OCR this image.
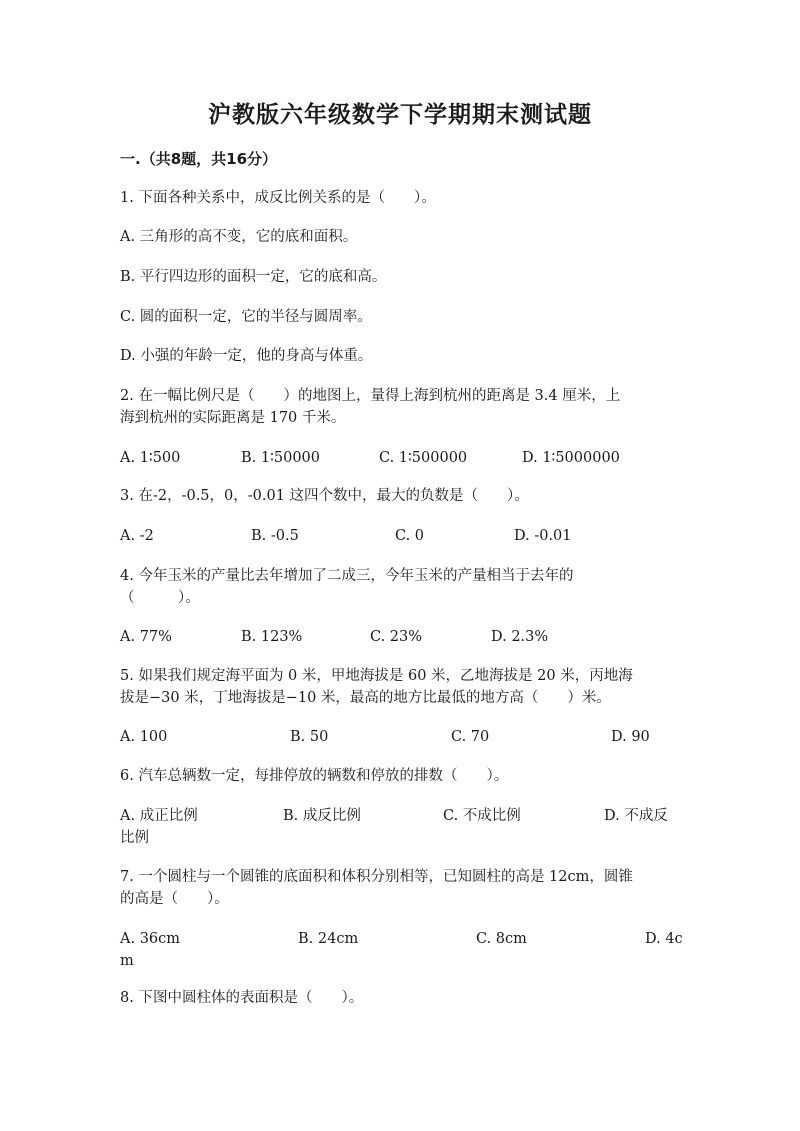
沪教版六年级数学下学期期末测试题
一.（共8题，共16分）
1. 下面各种关系中，成反比例关系的是（　　）。
A. 三角形的高不变，它的底和面积。
B. 平行四边形的面积一定，它的底和高。
C. 圆的面积一定，它的半径与圆周率。
D. 小强的年龄一定，他的身高与体重。
2. 在一幅比例尺是（　　）的地图上，量得上海到杭州的距离是 3.4 厘米，上
海到杭州的实际距离是 170 千米。
A. 1∶500	B. 1∶50000	C. 1∶500000	D. 1∶5000000
3. 在-2，-0.5，0，-0.01 这四个数中，最大的负数是（　　）。
A. -2	B. -0.5	C. 0	D. -0.01
4. 今年玉米的产量比去年增加了二成三，今年玉米的产量相当于去年的
（　　　）。
A. 77%	B. 123%	C. 23%	D. 2.3%
5. 如果我们规定海平面为 0 米，甲地海拔是 60 米，乙地海拔是 20 米，丙地海
拔是−30 米，丁地海拔是−10 米，最高的地方比最低的地方高（　　）米。
A. 100	B. 50	C. 70	D. 90
6. 汽车总辆数一定，每排停放的辆数和停放的排数（　　）。
A. 成正比例	B. 成反比例	C. 不成比例	D. 不成反
比例
7. 一个圆柱与一个圆锥的底面积和体积分别相等，已知圆柱的高是 12cm，圆锥
的高是（　　）。
A. 36cm	B. 24cm	C. 8cm	D. 4c
m
8. 下图中圆柱体的表面积是（　　）。
